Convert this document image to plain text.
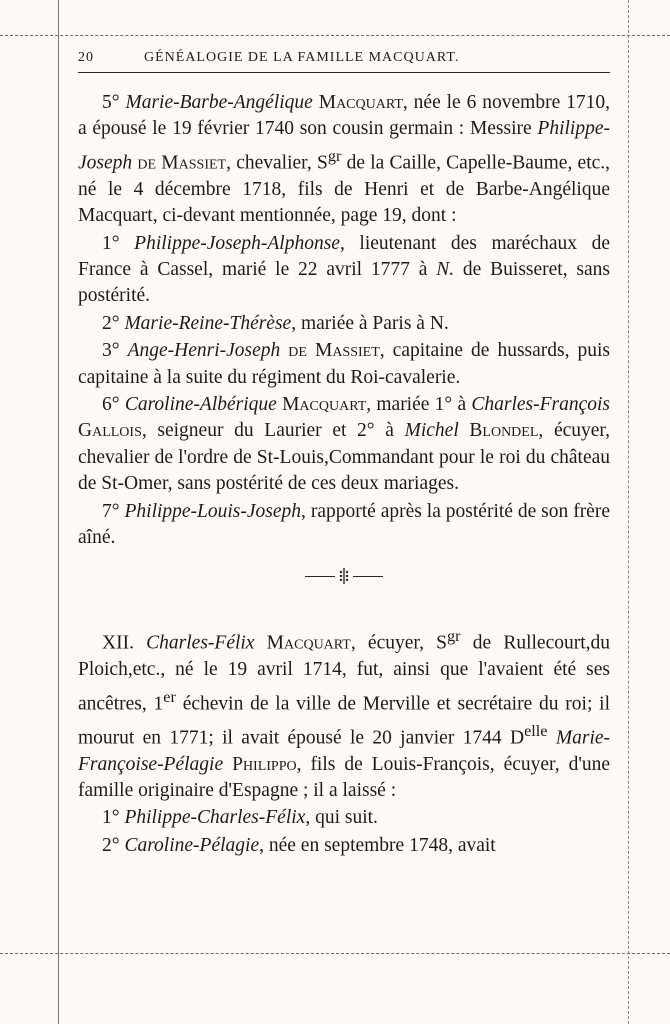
20	GÉNÉALOGIE DE LA FAMILLE MACQUART.

5° Marie-Barbe-Angélique Macquart, née le 6 novembre 1710, a épousé le 19 février 1740 son cousin germain : Messire Philippe-Joseph de Massiet, chevalier, $S^{gr}$ de la Caille, Capelle-Baume, etc., né le 4 décembre 1718, fils de Henri et de Barbe-Angélique Macquart, ci-devant mentionnée, page 19, dont :

1° Philippe-Joseph-Alphonse, lieutenant des maréchaux de France à Cassel, marié le 22 avril 1777 à N. de Buisseret, sans postérité.

2° Marie-Reine-Thérèse, mariée à Paris à N.

3° Ange-Henri-Joseph de Massiet, capitaine de hussards, puis capitaine à la suite du régiment du Roi-cavalerie.

6° Caroline-Albérique Macquart, mariée 1° à Charles-François Gallois, seigneur du Laurier et 2° à Michel Blondel, écuyer, chevalier de l'ordre de St-Louis,Commandant pour le roi du château de St-Omer, sans postérité de ces deux mariages.

7° Philippe-Louis-Joseph, rapporté après la postérité de son frère aîné.

XII. Charles-Félix Macquart, écuyer, $S^{gr}$ de Rullecourt,du Ploich,etc., né le 19 avril 1714, fut, ainsi que l'avaient été ses ancêtres, 1er échevin de la ville de Merville et secrétaire du roi; il mourut en 1771; il avait épousé le 20 janvier 1744 $D^{elle}$ Marie-Françoise-Pélagie Philippo, fils de Louis-François, écuyer, d'une famille originaire d'Espagne ; il a laissé :

1° Philippe-Charles-Félix, qui suit.

2° Caroline-Pélagie, née en septembre 1748, avait
